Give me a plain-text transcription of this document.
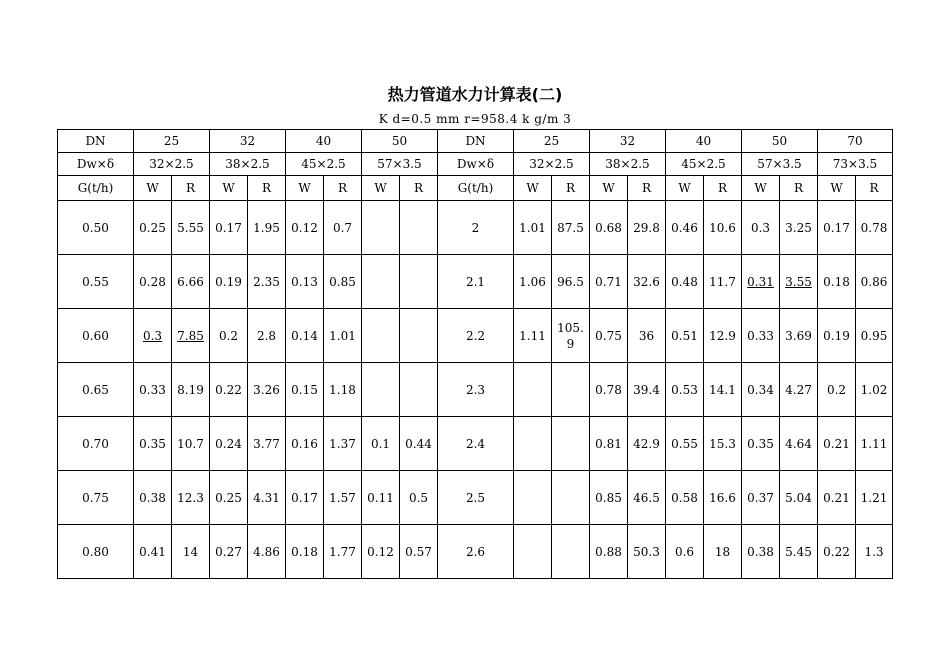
热力管道水力计算表(二)
K d=0.5 mm r=958.4 k g/m 3
DN	25		32		40		50		DN	25		32		40		50		70	
Dw×δ	32×2.5		38×2.5		45×2.5		57×3.5		Dw×δ	32×2.5		38×2.5		45×2.5		57×3.5		73×3.5	
G(t/h)	W	R	W	R	W	R	W	R	G(t/h)	W	R	W	R	W	R	W	R	W	R
0.50	0.25	5.55	0.17	1.95	0.12	0.7			2	1.01	87.5	0.68	29.8	0.46	10.6	0.3	3.25	0.17	0.78
0.55	0.28	6.66	0.19	2.35	0.13	0.85			2.1	1.06	96.5	0.71	32.6	0.48	11.7	0.31	3.55	0.18	0.86
0.60	0.3	7.85	0.2	2.8	0.14	1.01			2.2	1.11	105.9	0.75	36	0.51	12.9	0.33	3.69	0.19	0.95
0.65	0.33	8.19	0.22	3.26	0.15	1.18			2.3			0.78	39.4	0.53	14.1	0.34	4.27	0.2	1.02
0.70	0.35	10.7	0.24	3.77	0.16	1.37	0.1	0.44	2.4			0.81	42.9	0.55	15.3	0.35	4.64	0.21	1.11
0.75	0.38	12.3	0.25	4.31	0.17	1.57	0.11	0.5	2.5			0.85	46.5	0.58	16.6	0.37	5.04	0.21	1.21
0.80	0.41	14	0.27	4.86	0.18	1.77	0.12	0.57	2.6			0.88	50.3	0.6	18	0.38	5.45	0.22	1.3
